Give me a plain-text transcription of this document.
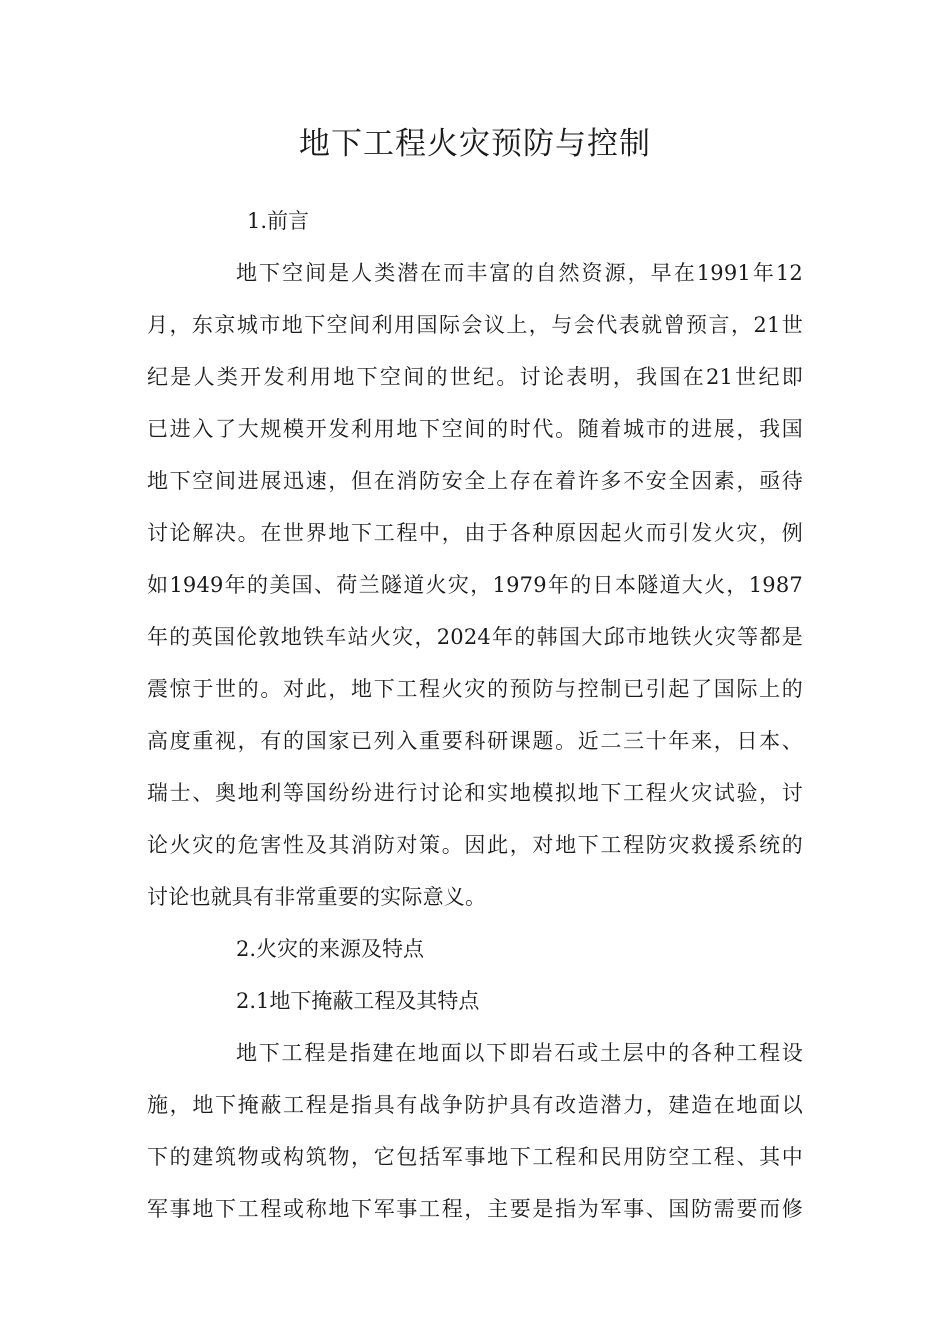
地下工程火灾预防与控制

1.前言

地下空间是人类潜在而丰富的自然资源，早在1991年12

月，东京城市地下空间利用国际会议上，与会代表就曾预言，21世

纪是人类开发利用地下空间的世纪。讨论表明，我国在21世纪即

已进入了大规模开发利用地下空间的时代。随着城市的进展，我国

地下空间进展迅速，但在消防安全上存在着许多不安全因素，亟待

讨论解决。在世界地下工程中，由于各种原因起火而引发火灾，例

如1949年的美国、荷兰隧道火灾，1979年的日本隧道大火，1987

年的英国伦敦地铁车站火灾，2024年的韩国大邱市地铁火灾等都是

震惊于世的。对此，地下工程火灾的预防与控制已引起了国际上的

高度重视，有的国家已列入重要科研课题。近二三十年来，日本、

瑞士、奥地利等国纷纷进行讨论和实地模拟地下工程火灾试验，讨

论火灾的危害性及其消防对策。因此，对地下工程防灾救援系统的

讨论也就具有非常重要的实际意义。

2.火灾的来源及特点

2.1地下掩蔽工程及其特点

地下工程是指建在地面以下即岩石或土层中的各种工程设

施，地下掩蔽工程是指具有战争防护具有改造潜力，建造在地面以

下的建筑物或构筑物，它包括军事地下工程和民用防空工程、其中

军事地下工程或称地下军事工程，主要是指为军事、国防需要而修
